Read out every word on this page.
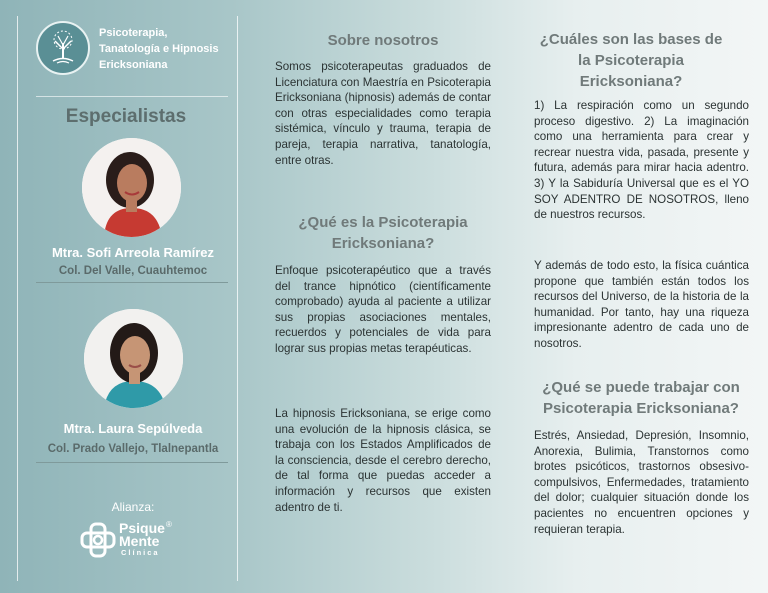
Psicoterapia,
Tanatología e Hipnosis
Ericksoniana
Especialistas
Mtra. Sofi Arreola Ramírez
Col. Del Valle, Cuauhtemoc
Mtra. Laura Sepúlveda
Col. Prado Vallejo, Tlalnepantla
Alianza:
Psique ®
Mente
Clínica
Sobre nosotros
Somos psicoterapeutas graduados de Licenciatura con Maestría en Psicoterapia Ericksoniana (hipnosis) además de contar con otras especialidades como terapia sistémica, vínculo y trauma, terapia de pareja, terapia narrativa, tanatología, entre otras.
¿Qué es la Psicoterapia
Ericksoniana?
Enfoque psicoterapéutico que a través del trance hipnótico (científicamente comprobado) ayuda al paciente a utilizar sus propias asociaciones mentales, recuerdos y potenciales de vida para lograr sus propias metas terapéuticas.
La hipnosis Ericksoniana, se erige como una evolución de la hipnosis clásica, se trabaja con los Estados Amplificados de la consciencia, desde el cerebro derecho, de tal forma que puedas acceder a información y recursos que existen adentro de ti.
¿Cuáles son las bases de
la Psicoterapia
Ericksoniana?
1) La respiración como un segundo proceso digestivo. 2) La imaginación como una herramienta para crear y recrear nuestra vida, pasada, presente y futura, además para mirar hacia adentro. 3) Y la Sabiduría Universal que es el YO SOY ADENTRO DE NOSOTROS, lleno de nuestros recursos.
Y además de todo esto, la física cuántica propone que también están todos los recursos del Universo, de la historia de la humanidad. Por tanto, hay una riqueza impresionante adentro de cada uno de nosotros.
¿Qué se puede trabajar con
Psicoterapia Ericksoniana?
Estrés, Ansiedad, Depresión, Insomnio, Anorexia, Bulimia, Transtornos como brotes psicóticos, trastornos obsesivo-compulsivos, Enfermedades, tratamiento del dolor; cualquier situación donde los pacientes no encuentren opciones y requieran terapia.
